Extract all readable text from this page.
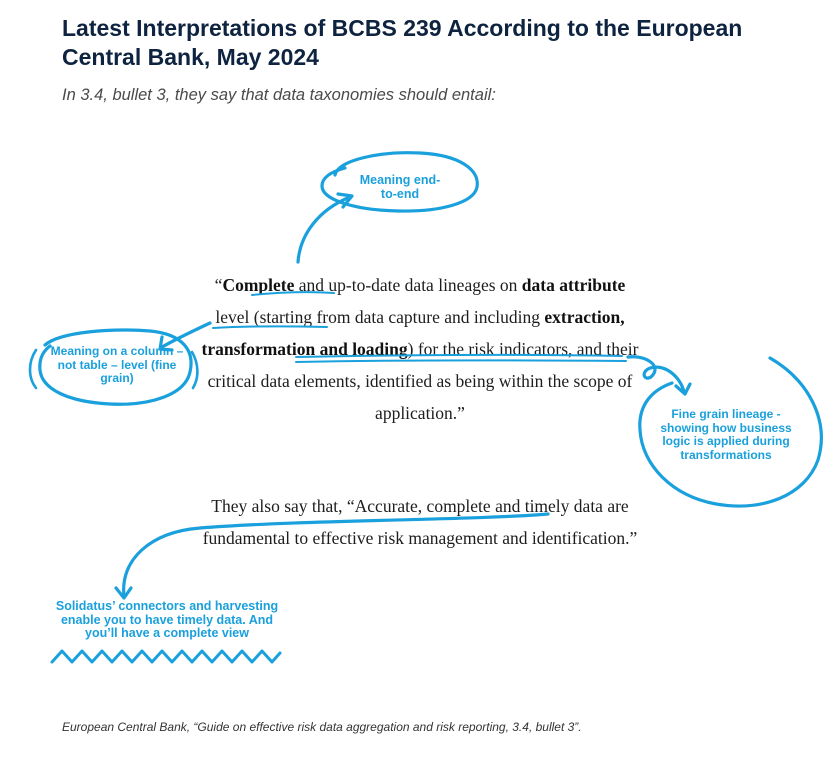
Latest Interpretations of BCBS 239 According to the European Central Bank, May 2024
In 3.4, bullet 3, they say that data taxonomies should entail:
“Complete and up-to-date data lineages on data attribute level (starting from data capture and including extraction, transformation and loading) for the risk indicators, and their critical data elements, identified as being within the scope of application.”
They also say that, “Accurate, complete and timely data are fundamental to effective risk management and identification.”
Meaning end-to-end
Meaning on a column – not table – level (fine grain)
Fine grain lineage - showing how business logic is applied during transformations
Solidatus’ connectors and harvesting enable you to have timely data. And you’ll have a complete view
European Central Bank, “Guide on effective risk data aggregation and risk reporting, 3.4, bullet 3”.
